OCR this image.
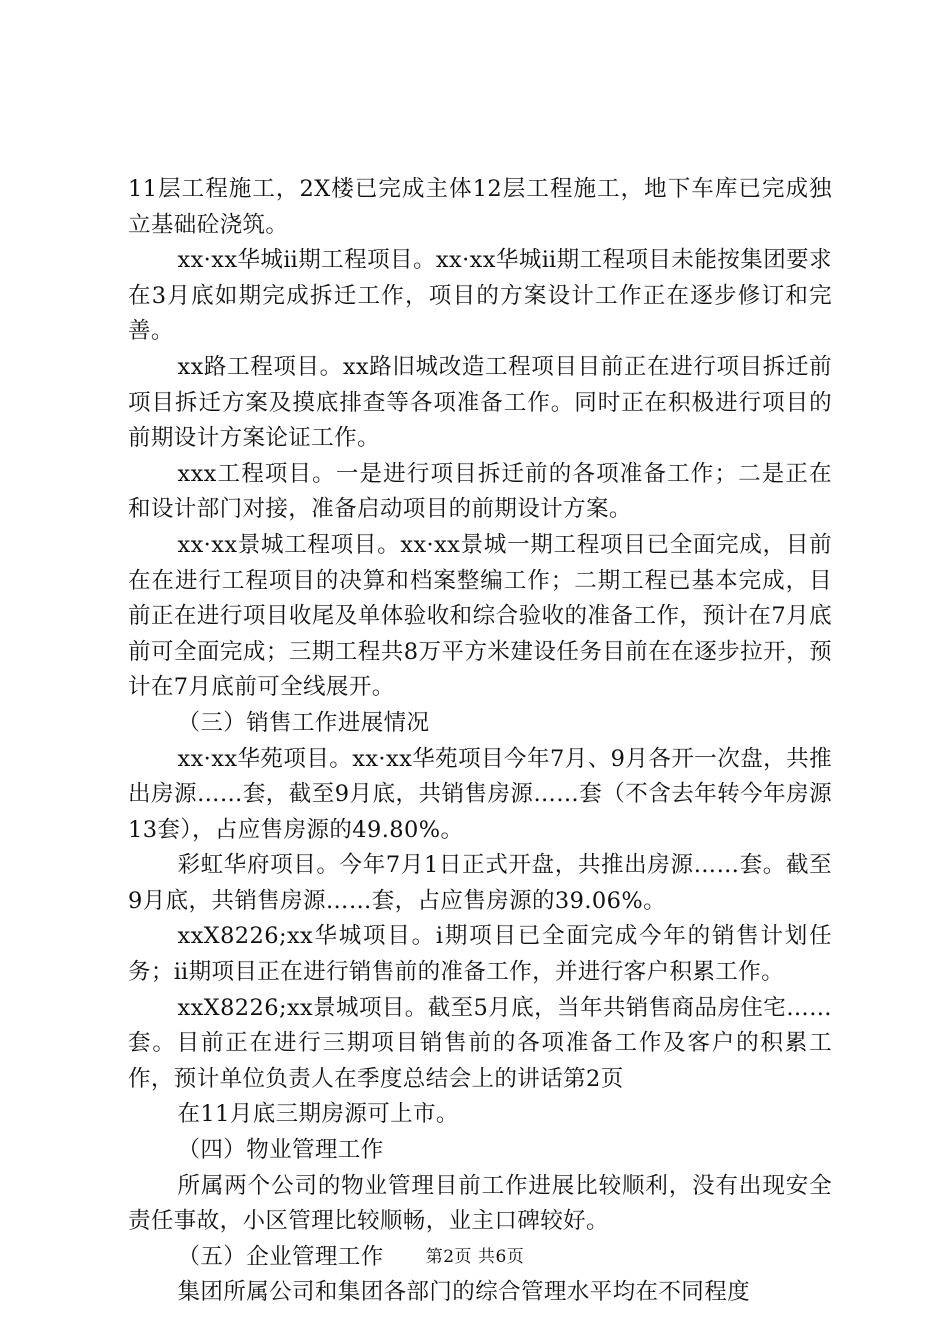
11层工程施工，2X楼已完成主体12层工程施工，地下车库已完成独立基础砼浇筑。

xx·xx华城ⅱ期工程项目。xx·xx华城ⅱ期工程项目未能按集团要求在3月底如期完成拆迁工作，项目的方案设计工作正在逐步修订和完善。

xx路工程项目。xx路旧城改造工程项目目前正在进行项目拆迁前项目拆迁方案及摸底排查等各项准备工作。同时正在积极进行项目的前期设计方案论证工作。

xxx工程项目。一是进行项目拆迁前的各项准备工作；二是正在和设计部门对接，准备启动项目的前期设计方案。

xx·xx景城工程项目。xx·xx景城一期工程项目已全面完成，目前在在进行工程项目的决算和档案整编工作；二期工程已基本完成，目前正在进行项目收尾及单体验收和综合验收的准备工作，预计在7月底前可全面完成；三期工程共8万平方米建设任务目前在在逐步拉开，预计在7月底前可全线展开。

（三）销售工作进展情况

xx·xx华苑项目。xx·xx华苑项目今年7月、9月各开一次盘，共推出房源……套，截至9月底，共销售房源……套（不含去年转今年房源13套），占应售房源的49.80%。

彩虹华府项目。今年7月1日正式开盘，共推出房源……套。截至9月底，共销售房源……套，占应售房源的39.06%。

xxX8226;xx华城项目。ⅰ期项目已全面完成今年的销售计划任务；ⅱ期项目正在进行销售前的准备工作，并进行客户积累工作。

xxX8226;xx景城项目。截至5月底，当年共销售商品房住宅……套。目前正在进行三期项目销售前的各项准备工作及客户的积累工作，预计单位负责人在季度总结会上的讲话第2页

在11月底三期房源可上市。

（四）物业管理工作

所属两个公司的物业管理目前工作进展比较顺利，没有出现安全责任事故，小区管理比较顺畅，业主口碑较好。

（五）企业管理工作

集团所属公司和集团各部门的综合管理水平均在不同程度

第2页 共6页
